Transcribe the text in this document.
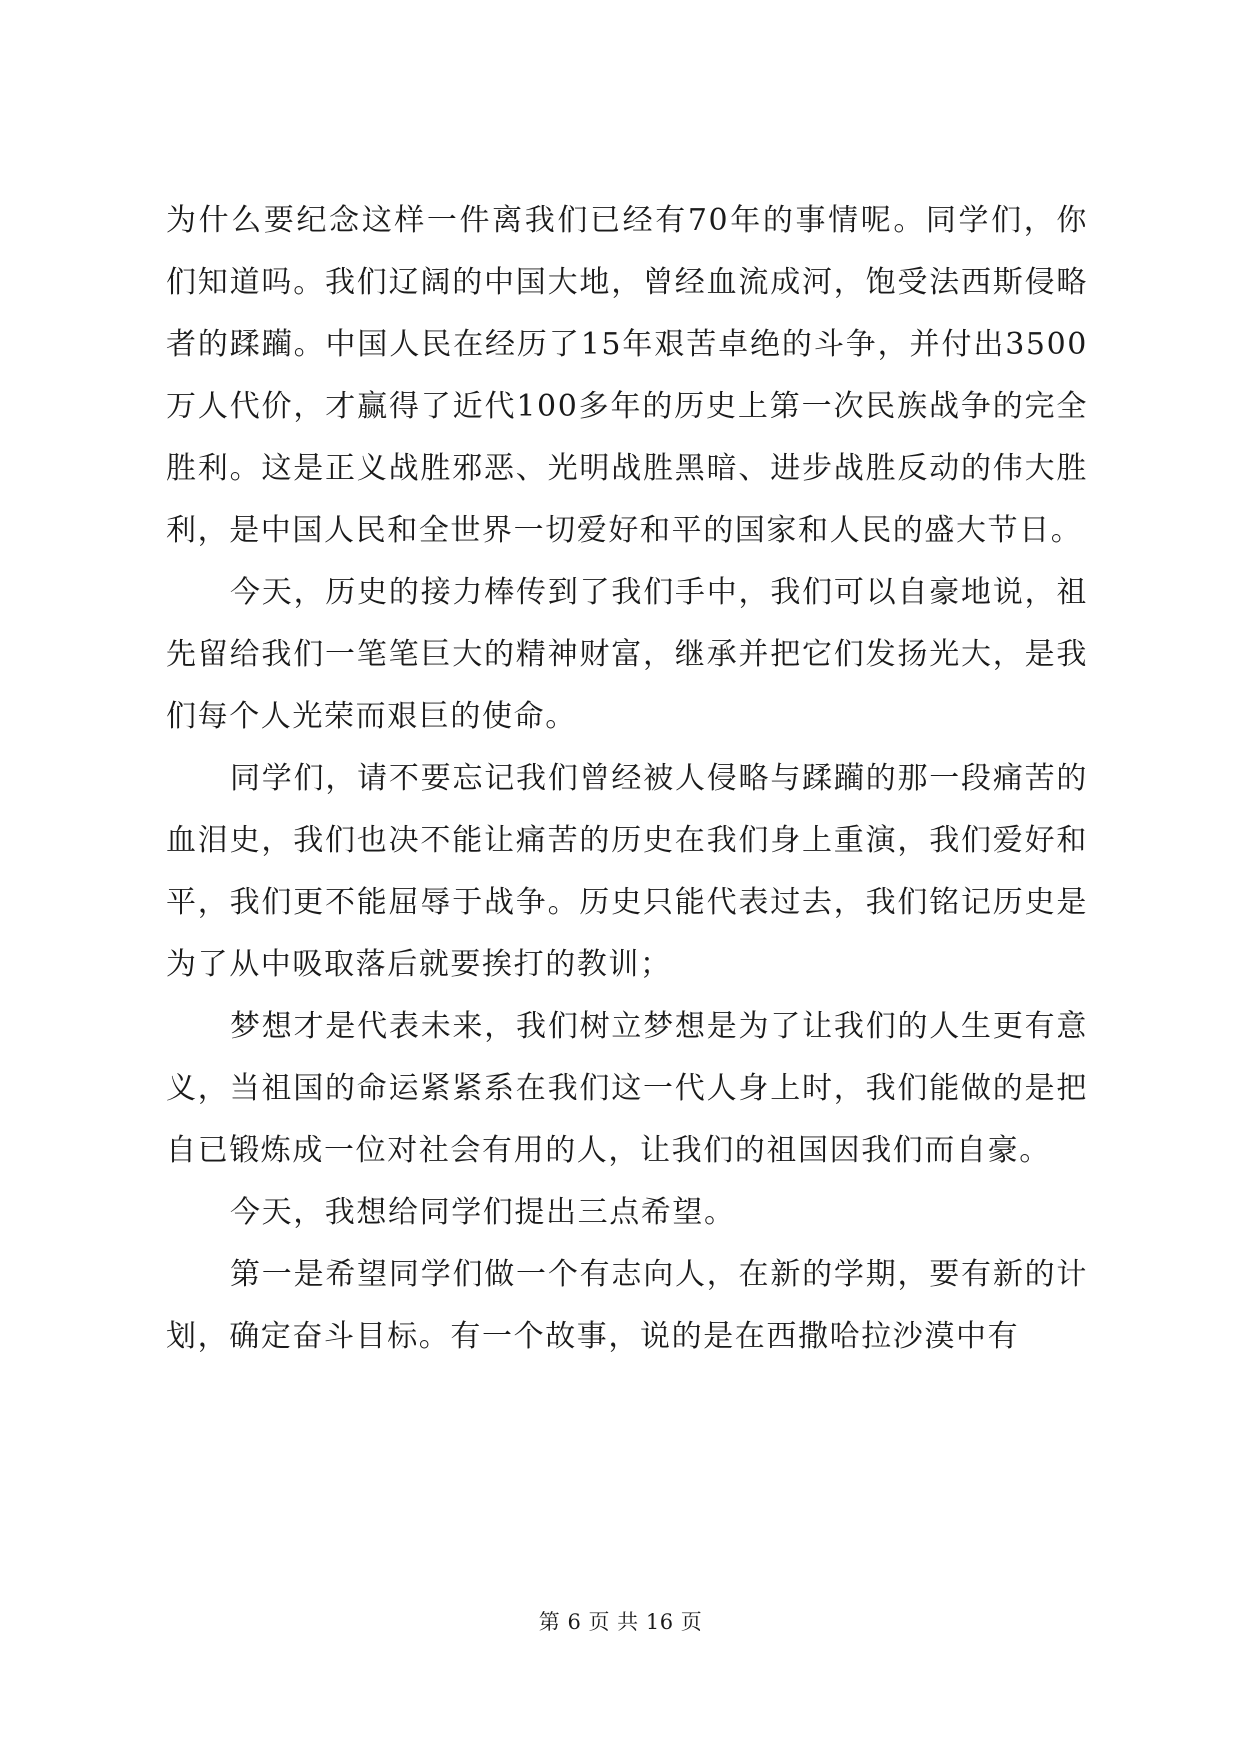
为什么要纪念这样一件离我们已经有70年的事情呢。同学们，你们知道吗。我们辽阔的中国大地，曾经血流成河，饱受法西斯侵略者的蹂躏。中国人民在经历了15年艰苦卓绝的斗争，并付出3500万人代价，才赢得了近代100多年的历史上第一次民族战争的完全胜利。这是正义战胜邪恶、光明战胜黑暗、进步战胜反动的伟大胜利，是中国人民和全世界一切爱好和平的国家和人民的盛大节日。

今天，历史的接力棒传到了我们手中，我们可以自豪地说，祖先留给我们一笔笔巨大的精神财富，继承并把它们发扬光大，是我们每个人光荣而艰巨的使命。

同学们，请不要忘记我们曾经被人侵略与蹂躏的那一段痛苦的血泪史，我们也决不能让痛苦的历史在我们身上重演，我们爱好和平，我们更不能屈辱于战争。历史只能代表过去，我们铭记历史是为了从中吸取落后就要挨打的教训；

梦想才是代表未来，我们树立梦想是为了让我们的人生更有意义，当祖国的命运紧紧系在我们这一代人身上时，我们能做的是把自已锻炼成一位对社会有用的人，让我们的祖国因我们而自豪。

今天，我想给同学们提出三点希望。

第一是希望同学们做一个有志向人，在新的学期，要有新的计划，确定奋斗目标。有一个故事，说的是在西撒哈拉沙漠中有

第 6 页 共 16 页
